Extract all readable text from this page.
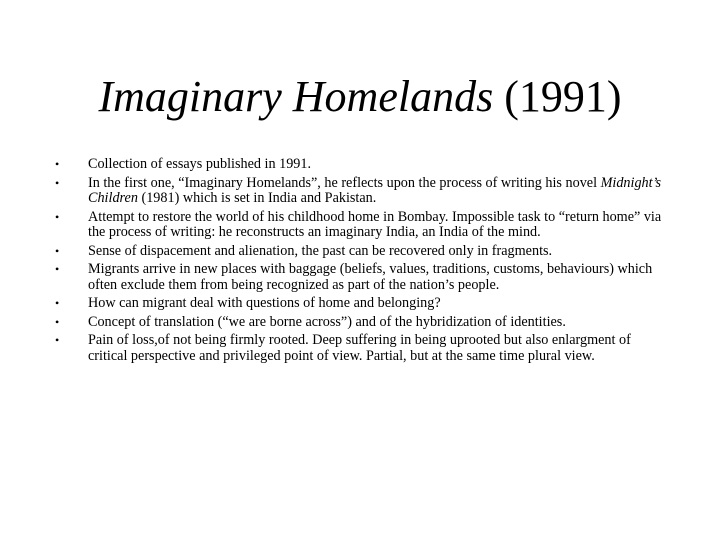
Imaginary Homelands (1991)
• Collection of essays published in 1991.
• In the first one, “Imaginary Homelands”, he reflects upon the process of writing his novel Midnight’s Children (1981) which is set in India and Pakistan.
• Attempt to restore the world of his childhood home in Bombay. Impossible task to “return home” via the process of writing: he reconstructs an imaginary India, an India of the mind.
• Sense of dispacement and alienation, the past can be recovered only in fragments.
• Migrants arrive in new places with baggage (beliefs, values, traditions, customs, behaviours) which often exclude them from being recognized as part of the nation’s people.
• How can migrant deal with questions of home and belonging?
• Concept of translation (“we are borne across”) and of the hybridization of identities.
• Pain of loss,of not being firmly rooted. Deep suffering in being uprooted but also enlargment of critical perspective and privileged point of view. Partial, but at the same time plural view.
